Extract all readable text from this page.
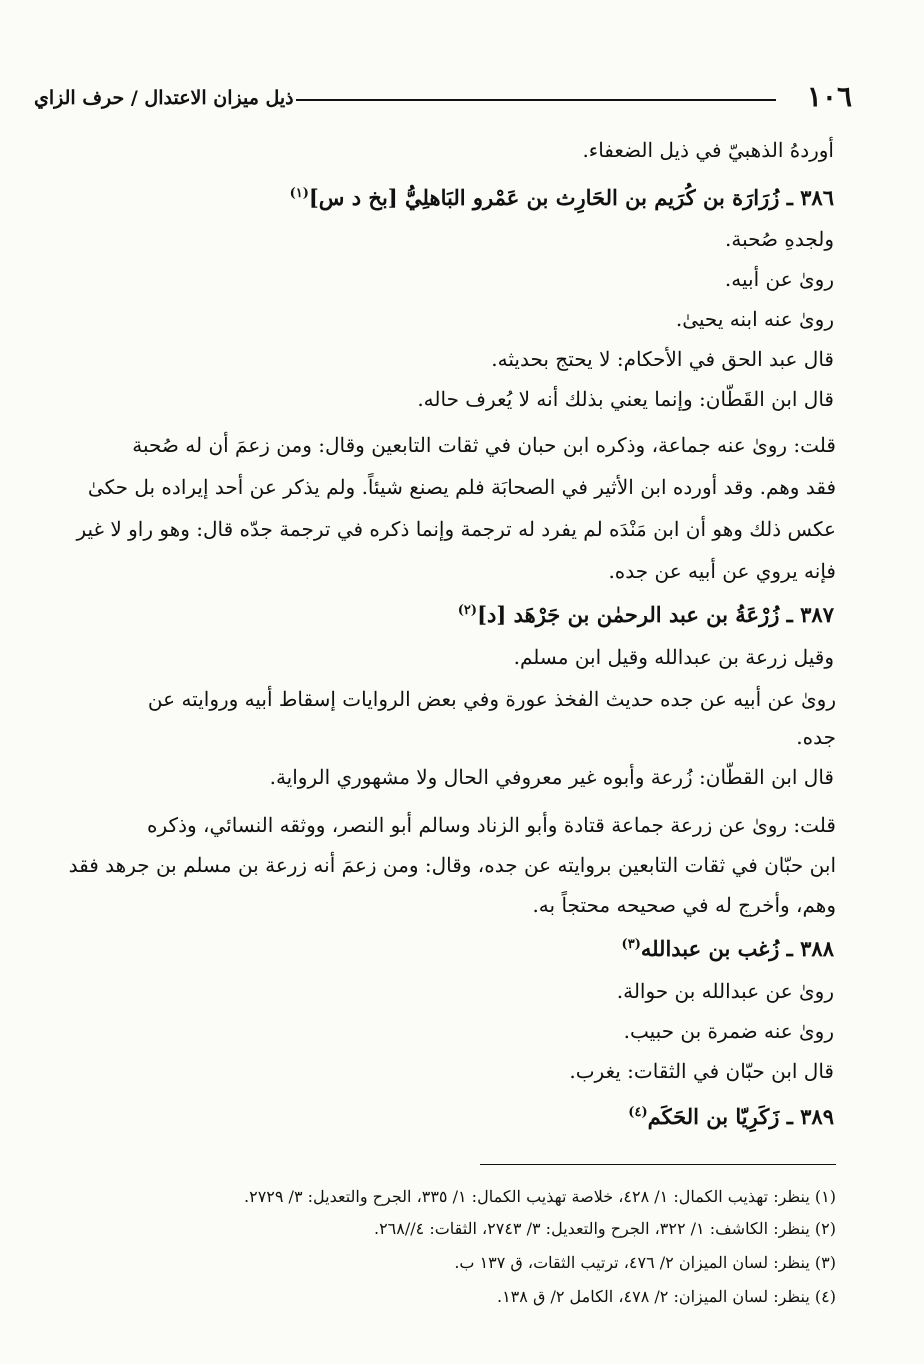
١٠٦
ذيل ميزان الاعتدال / حرف الزاي
أوردهُ الذهبيّ في ذيل الضعفاء.
٣٨٦ ـ زُرَارَة بن كُرَيم بن الحَارِث بن عَمْرو البَاهلِيُّ [بخ د س]$^{(١)}$
ولجدهِ صُحبة.
روىٰ عن أبيه.
روىٰ عنه ابنه يحيىٰ.
قال عبد الحق في الأحكام: لا يحتج بحديثه.
قال ابن القَطّان: وإنما يعني بذلك أنه لا يُعرف حاله.
قلت: روىٰ عنه جماعة، وذكره ابن حبان في ثقات التابعين وقال: ومن زعمَ أن له صُحبة
فقد وهم. وقد أورده ابن الأثير في الصحابَة فلم يصنع شيئاً. ولم يذكر عن أحد إيراده بل حكىٰ
عكس ذلك وهو أن ابن مَنْدَه لم يفرد له ترجمة وإنما ذكره في ترجمة جدّه قال: وهو راو لا غير
فإنه يروي عن أبيه عن جده.
٣٨٧ ـ زُرْعَةُ بن عبد الرحمٰن بن جَرْهَد [د]$^{(٢)}$
وقيل زرعة بن عبدالله وقيل ابن مسلم.
روىٰ عن أبيه عن جده حديث الفخذ عورة وفي بعض الروايات إسقاط أبيه وروايته عن
جده.
قال ابن القطّان: زُرعة وأبوه غير معروفي الحال ولا مشهوري الرواية.
قلت: روىٰ عن زرعة جماعة قتادة وأبو الزناد وسالم أبو النصر، ووثقه النسائي، وذكره
ابن حبّان في ثقات التابعين بروايته عن جده، وقال: ومن زعمَ أنه زرعة بن مسلم بن جرهد فقد
وهم، وأخرج له في صحيحه محتجاً به.
٣٨٨ ـ زُغب بن عبدالله$^{(٣)}$
روىٰ عن عبدالله بن حوالة.
روىٰ عنه ضمرة بن حبيب.
قال ابن حبّان في الثقات: يغرب.
٣٨٩ ـ زَكَرِيّا بن الحَكَم$^{(٤)}$
(١) ينظر: تهذيب الكمال: ١/ ٤٢٨، خلاصة تهذيب الكمال: ١/ ٣٣٥، الجرح والتعديل: ٣/ ٢٧٢٩.
(٢) ينظر: الكاشف: ١/ ٣٢٢، الجرح والتعديل: ٣/ ٢٧٤٣، الثقات: ٤//٢٦٨.
(٣) ينظر: لسان الميزان ٢/ ٤٧٦، ترتيب الثقات، ق ١٣٧ ب.
(٤) ينظر: لسان الميزان: ٢/ ٤٧٨، الكامل ٢/ ق ١٣٨.
